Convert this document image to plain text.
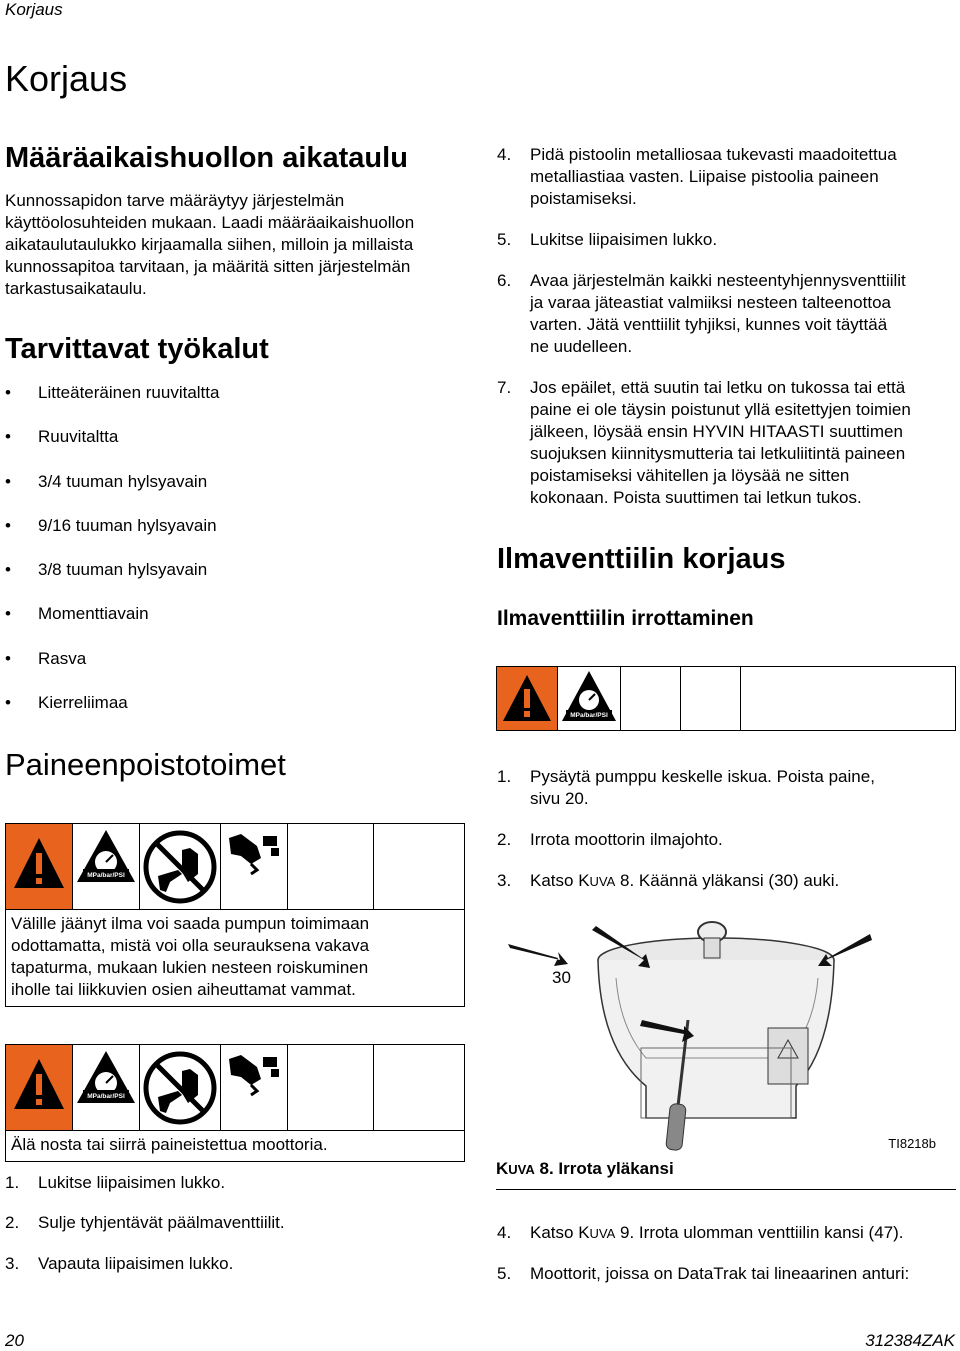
Korjaus
Korjaus
Määräaikaishuollon aikataulu
Kunnossapidon tarve määräytyy järjestelmän
käyttöolosuhteiden mukaan. Laadi määräaikaishuollon
aikataulutaulukko kirjaamalla siihen, milloin ja millaista
kunnossapitoa tarvitaan, ja määritä sitten järjestelmän
tarkastusaikataulu.
Tarvittavat työkalut
• Litteäteräinen ruuvitaltta
• Ruuvitaltta
• 3/4 tuuman hylsyavain
• 9/16 tuuman hylsyavain
• 3/8 tuuman hylsyavain
• Momenttiavain
• Rasva
• Kierreliimaa
Paineenpoistotoimet
MPa/bar/PSI
Välille jäänyt ilma voi saada pumpun toimimaan
odottamatta, mistä voi olla seurauksena vakava
tapaturma, mukaan lukien nesteen roiskuminen
iholle tai liikkuvien osien aiheuttamat vammat.
MPa/bar/PSI
Älä nosta tai siirrä paineistettua moottoria.
1. Lukitse liipaisimen lukko.
2. Sulje tyhjentävät päälmaventtiilit.
3. Vapauta liipaisimen lukko.
4. Pidä pistoolin metalliosaa tukevasti maadoitettua
metalliastiaa vasten. Liipaise pistoolia paineen
poistamiseksi.
5. Lukitse liipaisimen lukko.
6. Avaa järjestelmän kaikki nesteentyhjennysventtiilit
ja varaa jäteastiat valmiiksi nesteen talteenottoa
varten. Jätä venttiilit tyhjiksi, kunnes voit täyttää
ne uudelleen.
7. Jos epäilet, että suutin tai letku on tukossa tai että
paine ei ole täysin poistunut yllä esitettyjen toimien
jälkeen, löysää ensin HYVIN HITAASTI suuttimen
suojuksen kiinnitysmutteria tai letkuliitintä paineen
poistamiseksi vähitellen ja löysää ne sitten
kokonaan. Poista suuttimen tai letkun tukos.
Ilmaventtiilin korjaus
Ilmaventtiilin irrottaminen
MPa/bar/PSI
1. Pysäytä pumppu keskelle iskua. Poista paine,
sivu 20.
2. Irrota moottorin ilmajohto.
3. Katso KUVA 8. Käännä yläkansi (30) auki.
30
TI8218b
KUVA 8. Irrota yläkansi
4. Katso KUVA 9. Irrota ulomman venttiilin kansi (47).
5. Moottorit, joissa on DataTrak tai lineaarinen anturi:
20	312384ZAK
